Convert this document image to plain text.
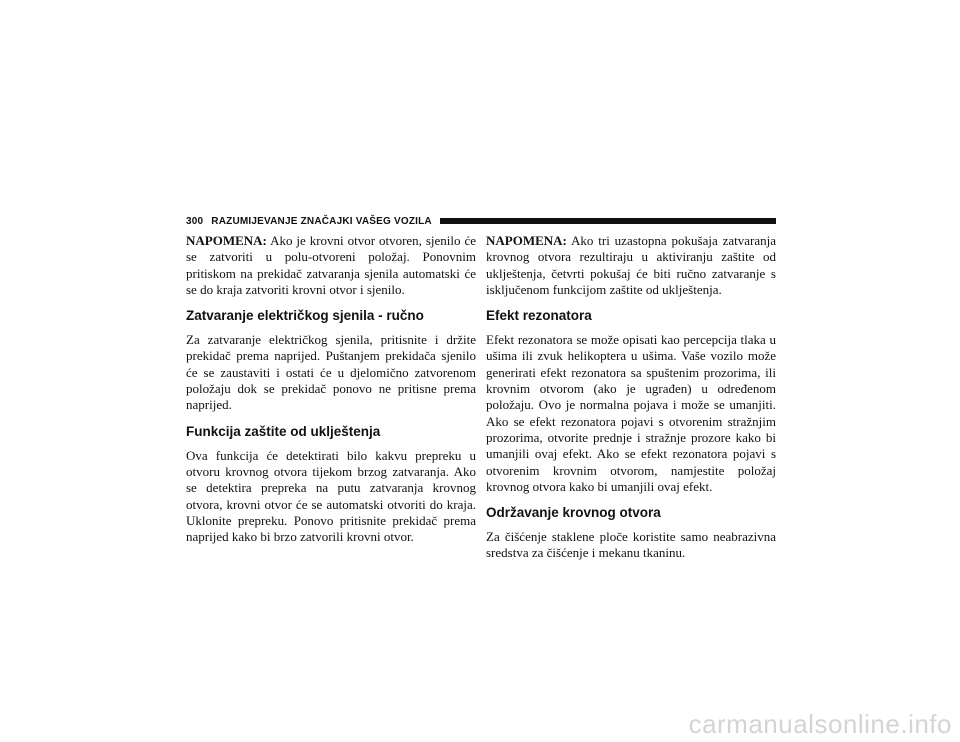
300 RAZUMIJEVANJE ZNAČAJKI VAŠEG VOZILA

NAPOMENA: Ako je krovni otvor otvoren, sjenilo će se zatvoriti u polu-otvoreni položaj. Ponovnim pritiskom na prekidač zatvaranja sjenila automatski će se do kraja zatvoriti krovni otvor i sjenilo.

Zatvaranje električkog sjenila - ručno

Za zatvaranje električkog sjenila, pritisnite i držite prekidač prema naprijed. Puštanjem prekidača sjenilo će se zaustaviti i ostati će u djelomično zatvorenom položaju dok se prekidač ponovo ne pritisne prema naprijed.

Funkcija zaštite od uklještenja

Ova funkcija će detektirati bilo kakvu prepreku u otvoru krovnog otvora tijekom brzog zatvaranja. Ako se detektira prepreka na putu zatvaranja krovnog otvora, krovni otvor će se automatski otvoriti do kraja. Uklonite prepreku. Ponovo pritisnite prekidač prema naprijed kako bi brzo zatvorili krovni otvor.

NAPOMENA: Ako tri uzastopna pokušaja zatvaranja krovnog otvora rezultiraju u aktiviranju zaštite od uklještenja, četvrti pokušaj će biti ručno zatvaranje s isključenom funkcijom zaštite od uklještenja.

Efekt rezonatora

Efekt rezonatora se može opisati kao percepcija tlaka u ušima ili zvuk helikoptera u ušima. Vaše vozilo može generirati efekt rezonatora sa spuštenim prozorima, ili krovnim otvorom (ako je ugrađen) u određenom položaju. Ovo je normalna pojava i može se umanjiti. Ako se efekt rezonatora pojavi s otvorenim stražnjim prozorima, otvorite prednje i stražnje prozore kako bi umanjili ovaj efekt. Ako se efekt rezonatora pojavi s otvorenim krovnim otvorom, namjestite položaj krovnog otvora kako bi umanjili ovaj efekt.

Održavanje krovnog otvora

Za čišćenje staklene ploče koristite samo neabrazivna sredstva za čišćenje i mekanu tkaninu.

carmanualsonline.info
